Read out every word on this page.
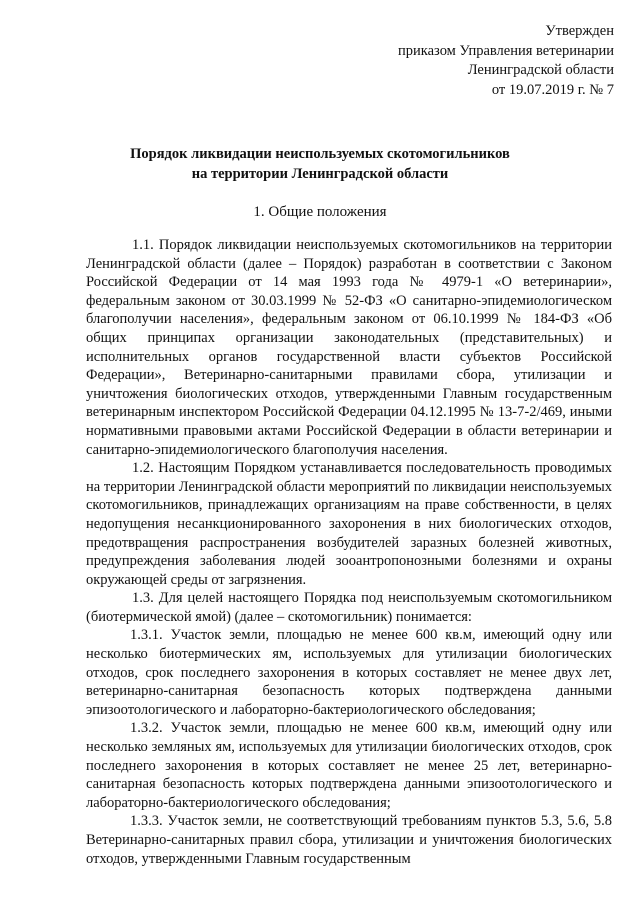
Утвержден
приказом Управления ветеринарии
Ленинградской области
от 19.07.2019 г. № 7
Порядок ликвидации неиспользуемых скотомогильников
на территории Ленинградской области
1. Общие положения

1.1. Порядок ликвидации неиспользуемых скотомогильников на территории Ленинградской области (далее – Порядок) разработан в соответствии с Законом Российской Федерации от 14 мая 1993 года № 4979-1 «О ветеринарии», федеральным законом от 30.03.1999 № 52-ФЗ «О санитарно-эпидемиологическом благополучии населения», федеральным законом от 06.10.1999 № 184-ФЗ «Об общих принципах организации законодательных (представительных) и исполнительных органов государственной власти субъектов Российской Федерации», Ветеринарно-санитарными правилами сбора, утилизации и уничтожения биологических отходов, утвержденными Главным государственным ветеринарным инспектором Российской Федерации 04.12.1995 № 13-7-2/469, иными нормативными правовыми актами Российской Федерации в области ветеринарии и санитарно-эпидемиологического благополучия населения.

1.2. Настоящим Порядком устанавливается последовательность проводимых на территории Ленинградской области мероприятий по ликвидации неиспользуемых скотомогильников, принадлежащих организациям на праве собственности, в целях недопущения несанкционированного захоронения в них биологических отходов, предотвращения распространения возбудителей заразных болезней животных, предупреждения заболевания людей зооантропонозными болезнями и охраны окружающей среды от загрязнения.

1.3. Для целей настоящего Порядка под неиспользуемым скотомогильником (биотермической ямой) (далее – скотомогильник) понимается:

1.3.1. Участок земли, площадью не менее 600 кв.м, имеющий одну или несколько биотермических ям, используемых для утилизации биологических отходов, срок последнего захоронения в которых составляет не менее двух лет, ветеринарно-санитарная безопасность которых подтверждена данными эпизоотологического и лабораторно-бактериологического обследования;

1.3.2. Участок земли, площадью не менее 600 кв.м, имеющий одну или несколько земляных ям, используемых для утилизации биологических отходов, срок последнего захоронения в которых составляет не менее 25 лет, ветеринарно-санитарная безопасность которых подтверждена данными эпизоотологического и лабораторно-бактериологического обследования;

1.3.3. Участок земли, не соответствующий требованиям пунктов 5.3, 5.6, 5.8 Ветеринарно-санитарных правил сбора, утилизации и уничтожения биологических отходов, утвержденными Главным государственным
